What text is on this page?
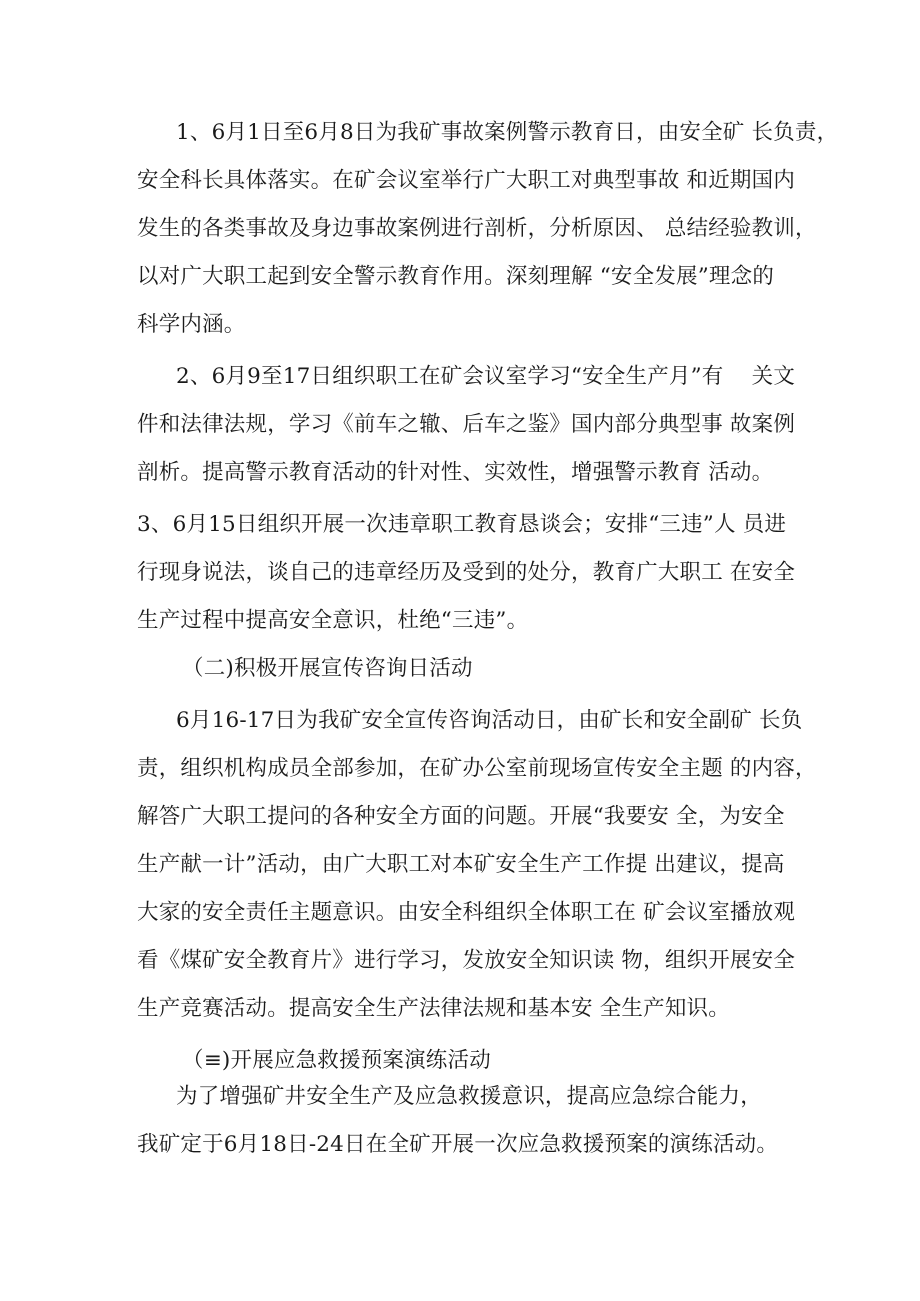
1、6月1日至6月8日为我矿事故案例警示教育日，由安全矿 长负责，
安全科长具体落实。在矿会议室举行广大职工对典型事故 和近期国内
发生的各类事故及身边事故案例进行剖析，分析原因、 总结经验教训，
以对广大职工起到安全警示教育作用。深刻理解 “安全发展”理念的
科学内涵。
2、6月9至17日组织职工在矿会议室学习“安全生产月”有    关文
件和法律法规，学习《前车之辙、后车之鉴》国内部分典型事 故案例
剖析。提高警示教育活动的针对性、实效性，增强警示教育 活动。
3、6月15日组织开展一次违章职工教育恳谈会；安排“三违”人 员进
行现身说法，谈自己的违章经历及受到的处分，教育广大职工 在安全
生产过程中提高安全意识，杜绝“三违”。
（二)积极开展宣传咨询日活动
6月16-17日为我矿安全宣传咨询活动日，由矿长和安全副矿 长负
责，组织机构成员全部参加，在矿办公室前现场宣传安全主题 的内容，
解答广大职工提问的各种安全方面的问题。开展“我要安 全，为安全
生产献一计”活动，由广大职工对本矿安全生产工作提 出建议，提高
大家的安全责任主题意识。由安全科组织全体职工在 矿会议室播放观
看《煤矿安全教育片》进行学习，发放安全知识读 物，组织开展安全
生产竞赛活动。提高安全生产法律法规和基本安 全生产知识。
（≡)开展应急救援预案演练活动
为了增强矿井安全生产及应急救援意识，提高应急综合能力，
我矿定于6月18日-24日在全矿开展一次应急救援预案的演练活动。
